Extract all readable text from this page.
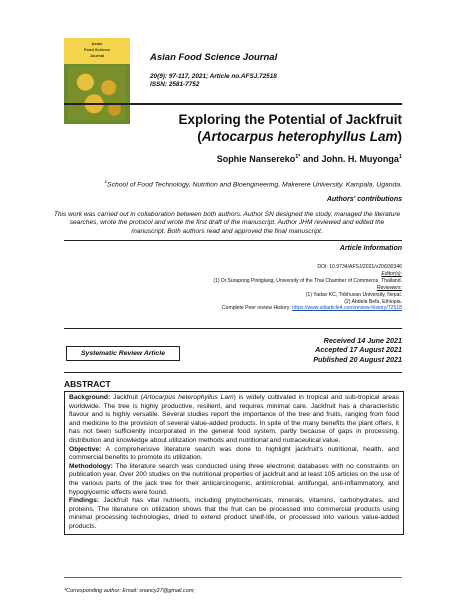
Asian
Food Science
Journal	Asian Food Science Journal
20(9): 97-117, 2021; Article no.AFSJ.72518
ISSN: 2581-7752
Exploring the Potential of Jackfruit
(Artocarpus heterophyllus Lam)
Sophie Nansereko$^{1*}$ and John. H. Muyonga$^1$
$^1$School of Food Technology, Nutrition and Bioengineering, Makerere University. Kampala, Uganda.
Authors' contributions
This work was carried out in collaboration between both authors. Author SN designed the study, managed the literature searches, wrote the protocol and wrote the first draft of the manuscript. Author JHM reviewed and edited the manuscript. Both authors read and approved the final manuscript.
Article Information
DOI: 10.9734/AFSJ/2021/v20i930346
Editor(s):
(1) Dr.Surapong Pinitglang, University of the Thai Chamber of Commerce, Thailand.
Reviewers:
(1) Yadav KC, Tribhuvan University, Nepal.
(2) Abdela Befa, Ethiopia.
Complete Peer review History: https://www.sdiarticle4.com/review-history/72518
Systematic Review Article
Received 14 June 2021
Accepted 17 August 2021
Published 20 August 2021
ABSTRACT

Background: Jackfruit (Artocarpus heterophyllus Lam) is widely cultivated in tropical and sub-tropical areas worldwide. The tree is highly productive, resilient, and requires minimal care. Jackfruit has a characteristic flavour and is highly versatile. Several studies report the importance of the tree and fruits, ranging from food and medicine to the provision of several value-added products. In spite of the many benefits the plant offers, it has not been sufficiently incorporated in the general food system, partly because of gaps in processing, distribution and knowledge about utilization methods and nutritional and nutraceutical value.

Objective: A comprehensive literature search was done to highlight jackfruit's nutritional, health, and commercial benefits to promote its utilization.

Methodology: The literature search was conducted using three electronic databases with no constraints on publication year. Over 200 studies on the nutritional properties of jackfruit and at least 105 articles on the use of the various parts of the jack tree for their anticarcinogenic, antimicrobial, antifungal, anti-inflammatory, and hypoglycemic effects were found.

Findings: Jackfruit has vital nutrients, including phytochemicals, minerals, vitamins, carbohydrates, and proteins. The literature on utilization shows that the fruit can be processed into commercial products using minimal processing technologies, dried to extend product shelf-life, or processed into various value-added products.

*Corresponding author: Email: snancy27@gmail.com;
